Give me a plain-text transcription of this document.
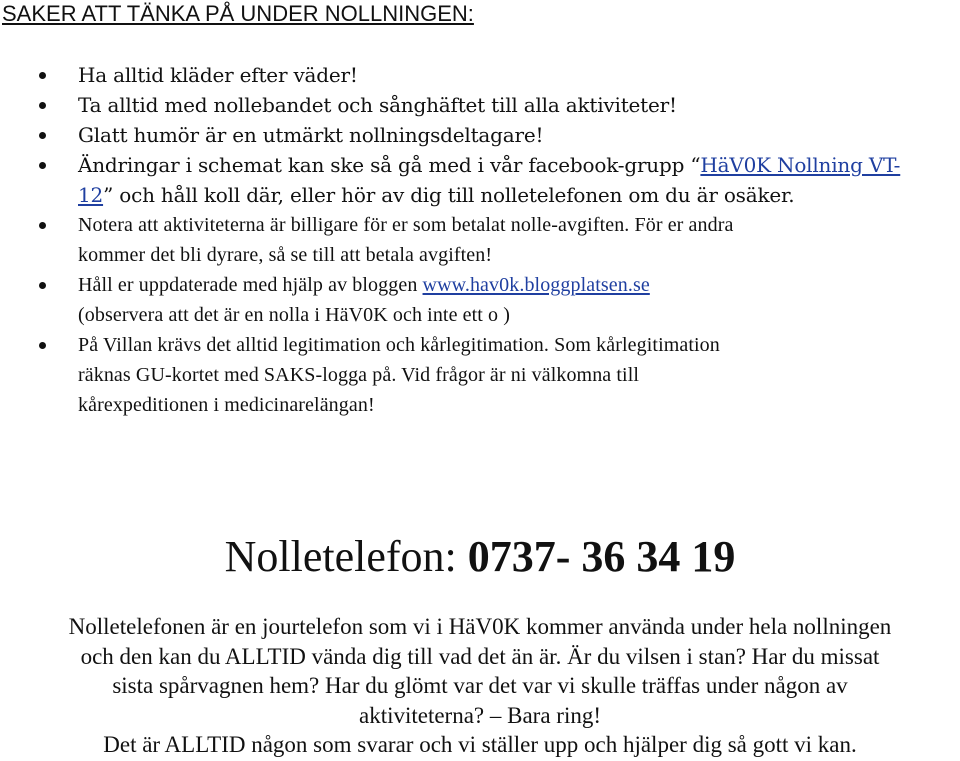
SAKER ATT TÄNKA PÅ UNDER NOLLNINGEN:
Ha alltid kläder efter väder!
Ta alltid med nollebandet och sånghäftet till alla aktiviteter!
Glatt humör är en utmärkt nollningsdeltagare!
Ändringar i schemat kan ske så gå med i vår facebook-grupp “HäV0K Nollning VT-
12” och håll koll där, eller hör av dig till nolletelefonen om du är osäker.
Notera att aktiviteterna är billigare för er som betalat nolle-avgiften. För er andra
kommer det bli dyrare, så se till att betala avgiften!
Håll er uppdaterade med hjälp av bloggen www.hav0k.bloggplatsen.se
(observera att det är en nolla i HäV0K och inte ett o )
På Villan krävs det alltid legitimation och kårlegitimation. Som kårlegitimation
räknas GU-kortet med SAKS-logga på. Vid frågor är ni välkomna till
kårexpeditionen i medicinarelängan!
Nolletelefon: 0737- 36 34 19
Nolletelefonen är en jourtelefon som vi i HäV0K kommer använda under hela nollningen
och den kan du ALLTID vända dig till vad det än är. Är du vilsen i stan? Har du missat
sista spårvagnen hem? Har du glömt var det var vi skulle träffas under någon av
aktiviteterna? – Bara ring!
Det är ALLTID någon som svarar och vi ställer upp och hjälper dig så gott vi kan.
